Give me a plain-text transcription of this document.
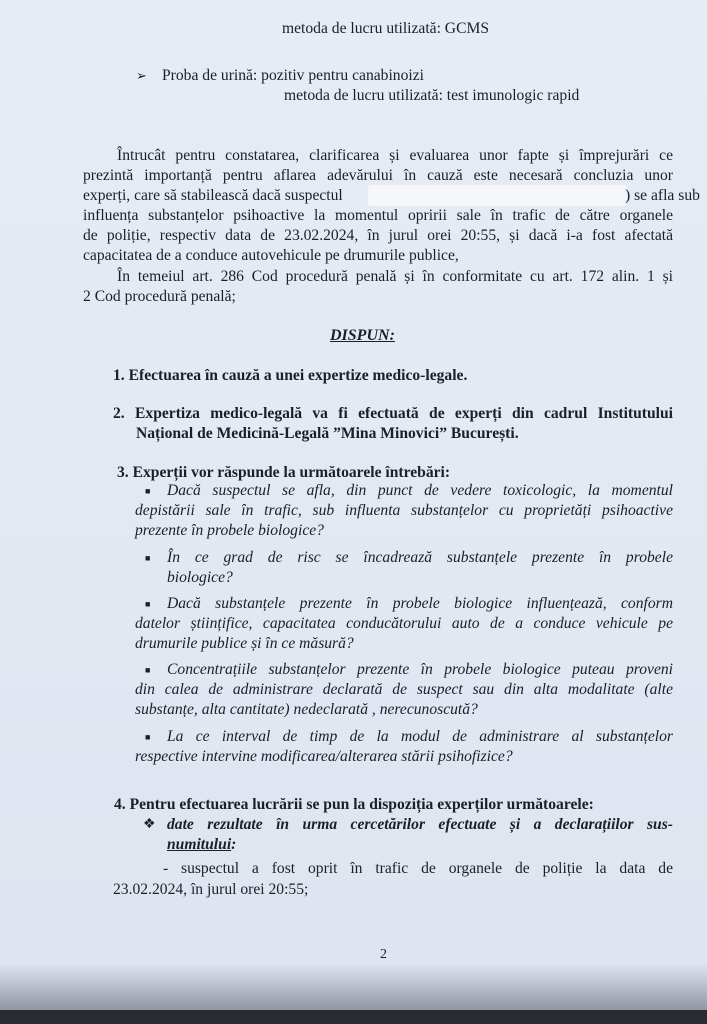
metoda de lucru utilizată: GCMS
➢ Proba de urină: pozitiv pentru canabinoizi
metoda de lucru utilizată: test imunologic rapid
Întrucât pentru constatarea, clarificarea și evaluarea unor fapte și împrejurări ce
prezintă importanță pentru aflarea adevărului în cauză este necesară concluzia unor
experți, care să stabilească dacă suspectul	) se afla sub
influența substanțelor psihoactive la momentul opririi sale în trafic de către organele
de poliție, respectiv data de 23.02.2024, în jurul orei 20:55, și dacă i-a fost afectată
capacitatea de a conduce autovehicule pe drumurile publice,
În temeiul art. 286 Cod procedură penală și în conformitate cu art. 172 alin. 1 și
2 Cod procedură penală;
DISPUN:
1. Efectuarea în cauză a unei expertize medico-legale.
2. Expertiza medico-legală va fi efectuată de experți din cadrul Institutului
Național de Medicină-Legală ”Mina Minovici” București.
3. Experții vor răspunde la următoarele întrebări:
■ Dacă suspectul se afla, din punct de vedere toxicologic, la momentul
depistării sale în trafic, sub influenta substanțelor cu proprietăți psihoactive
prezente în probele biologice?
■ În ce grad de risc se încadrează substanțele prezente în probele
biologice?
■ Dacă substanțele prezente în probele biologice influențează, conform
datelor științifice, capacitatea conducătorului auto de a conduce vehicule pe
drumurile publice și în ce măsură?
■ Concentrațiile substanțelor prezente în probele biologice puteau proveni
din calea de administrare declarată de suspect sau din alta modalitate (alte
substanțe, alta cantitate) nedeclarată , nerecunoscută?
■ La ce interval de timp de la modul de administrare al substanțelor
respective intervine modificarea/alterarea stării psihofizice?
4. Pentru efectuarea lucrării se pun la dispoziția experților următoarele:
❖ date rezultate în urma cercetărilor efectuate și a declarațiilor sus-
numitului:
- suspectul a fost oprit în trafic de organele de poliție la data de
23.02.2024, în jurul orei 20:55;
2
